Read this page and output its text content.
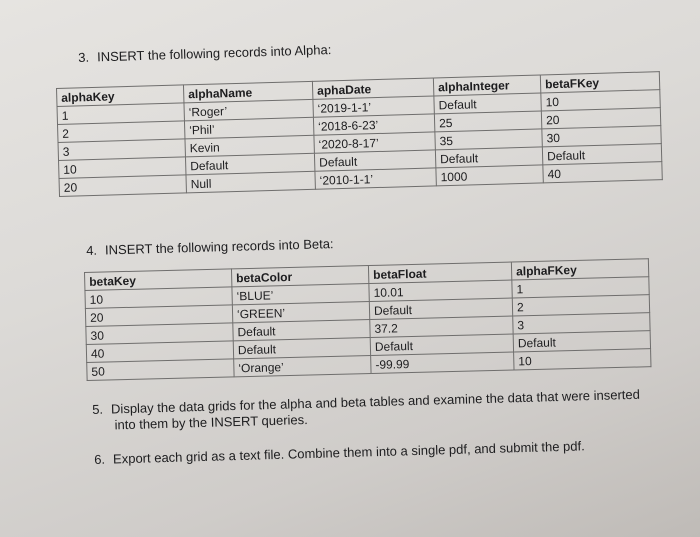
3. INSERT the following records into Alpha:
alphaKey	alphaName	aphaDate	alphaInteger	betaFKey
1	‘Roger’	‘2019-1-1’	Default	10
2	‘Phil’	‘2018-6-23’	25	20
3	Kevin	‘2020-8-17’	35	30
10	Default	Default	Default	Default
20	Null	‘2010-1-1’	1000	40
4. INSERT the following records into Beta:
betaKey	betaColor	betaFloat	alphaFKey
10	‘BLUE’	10.01	1
20	‘GREEN’	Default	2
30	Default	37.2	3
40	Default	Default	Default
50	‘Orange’	-99.99	10
5. Display the data grids for the alpha and beta tables and examine the data that were inserted
into them by the INSERT queries.
6. Export each grid as a text file. Combine them into a single pdf, and submit the pdf.
